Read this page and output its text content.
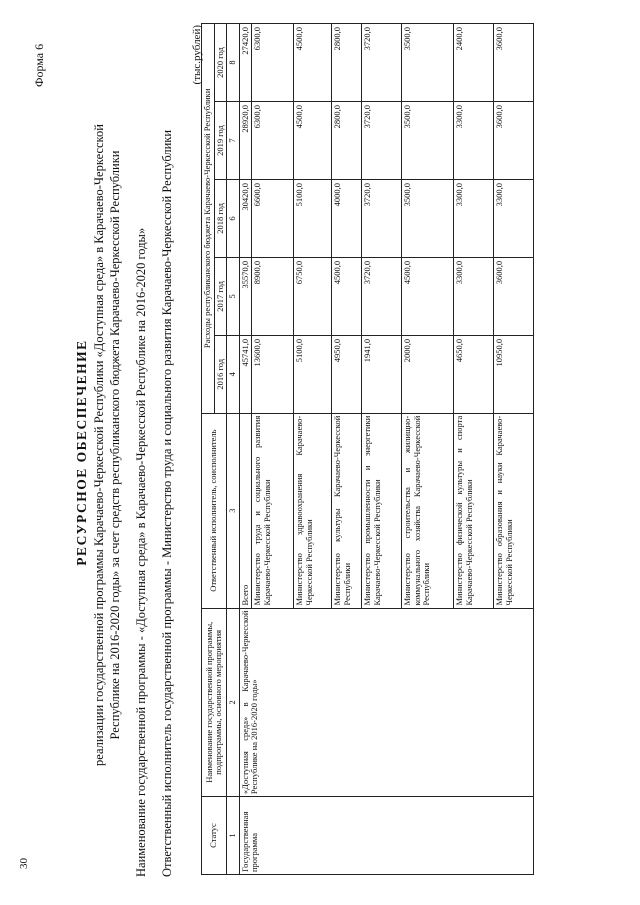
30
Форма 6
РЕСУРСНОЕ ОБЕСПЕЧЕНИЕ реализации государственной программы Карачаево-Черкесской Республики «Доступная среда» в Карачаево-Черкесской Республике на 2016-2020 годы» за счет средств республиканского бюджета Карачаево-Черкесской Республики Наименование государственной программы - «Доступная среда» в Карачаево-Черкесской Республике на 2016-2020 годы» Ответственный исполнитель государственной программы - Министерство труда и социального развития Карачаево-Черкесской Республики
(тыс.рублей)
Статус	Наименование государственной программы, подпрограммы, основного мероприятия	Ответственный исполнитель, соисполнитель	Расходы республиканского бюджета Карачаево-Черкесской Республики				
			2016 год	2017 год	2018 год	2019 год	2020 год
1	2	3	4	5	6	7	8
Государственная программа	«Доступная среда» в Карачаево-Черкесской Республике на 2016-2020 годы»	Всего	45741,0	35570,0	30420,0	28920,0	27420,0
		Министерство труда и социального развития Карачаево-Черкесской Республики	13600,0	8900,0	6600,0	6300,0	6300,0
		Министерство здравоохранения Карачаево-Черкесской Республики	5100,0	6750,0	5100,0	4500,0	4500,0
		Министерство культуры Карачаево-Черкесской Республики	4950,0	4500,0	4000,0	2800,0	2800,0
		Министерство промышленности и энергетики Карачаево-Черкесской Республики	1941,0	3720,0	3720,0	3720,0	3720,0
		Министерство строительства и жилищно-коммунального хозяйства Карачаево-Черкесской Республики	2000,0	4500,0	3500,0	3500,0	3500,0
		Министерство физической культуры и спорта Карачаево-Черкесской Республики	4650,0	3300,0	3300,0	3300,0	2400,0
		Министерство образования и науки Карачаево-Черкесской Республики	10950,0	3600,0	3300,0	3600,0	3600,0
